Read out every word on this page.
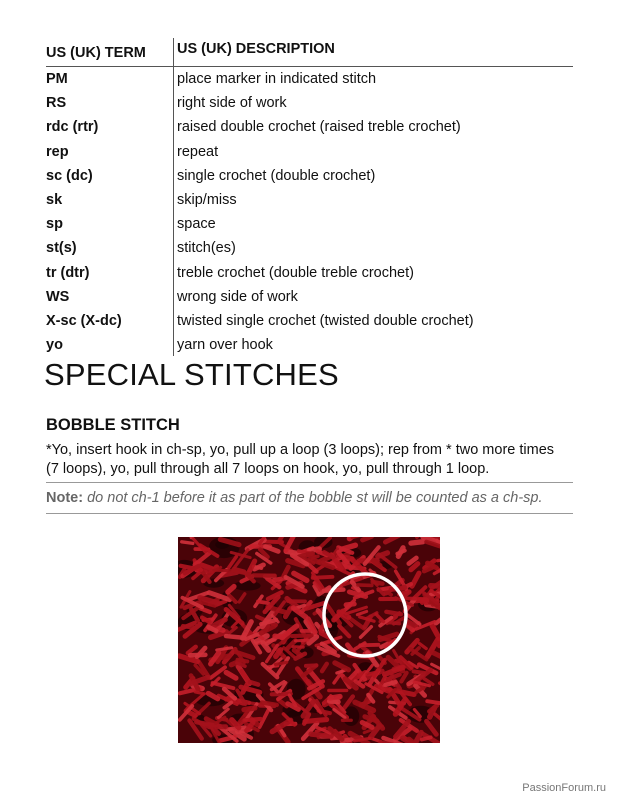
US (UK) TERM	US (UK) DESCRIPTION
PM	place marker in indicated stitch
RS	right side of work
rdc (rtr)	raised double crochet (raised treble crochet)
rep	repeat
sc (dc)	single crochet (double crochet)
sk	skip/miss
sp	space
st(s)	stitch(es)
tr (dtr)	treble crochet (double treble crochet)
WS	wrong side of work
X-sc (X-dc)	twisted single crochet (twisted double crochet)
yo	yarn over hook
SPECIAL STITCHES
BOBBLE STITCH

*Yo, insert hook in ch-sp, yo, pull up a loop (3 loops); rep from * two more times (7 loops), yo, pull through all 7 loops on hook, yo, pull through 1 loop.

Note: do not ch-1 before it as part of the bobble st will be counted as a ch-sp.
PassionForum.ru
